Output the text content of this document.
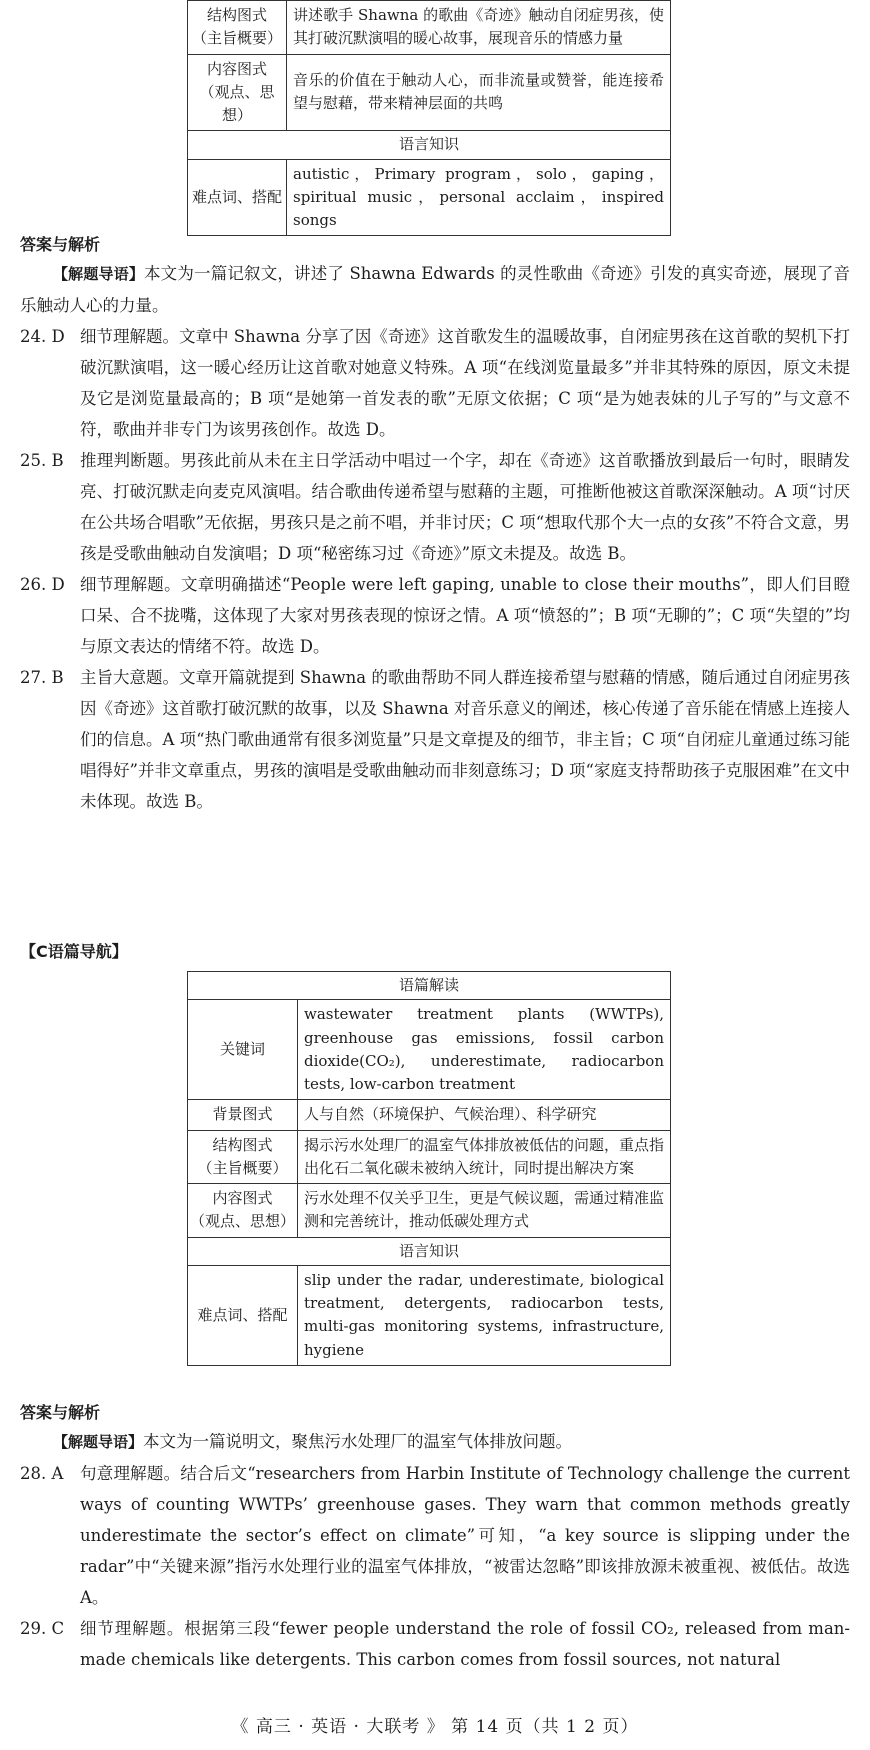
结构图式
（主旨概要）	讲述歌手 Shawna 的歌曲《奇迹》触动自闭症男孩，使其打破沉默演唱的暖心故事，展现音乐的情感力量
内容图式
（观点、思想）	音乐的价值在于触动人心，而非流量或赞誉，能连接希望与慰藉，带来精神层面的共鸣
语言知识	
难点词、搭配	autistic，Primary program，solo，gaping，spiritual music，personal acclaim，inspired songs
答案与解析

【解题导语】本文为一篇记叙文，讲述了 Shawna Edwards 的灵性歌曲《奇迹》引发的真实奇迹，展现了音乐触动人心的力量。

24. D 细节理解题。文章中 Shawna 分享了因《奇迹》这首歌发生的温暖故事，自闭症男孩在这首歌的契机下打破沉默演唱，这一暖心经历让这首歌对她意义特殊。A 项“在线浏览量最多”并非其特殊的原因，原文未提及它是浏览量最高的；B 项“是她第一首发表的歌”无原文依据；C 项“是为她表妹的儿子写的”与文意不符，歌曲并非专门为该男孩创作。故选 D。
25. B 推理判断题。男孩此前从未在主日学活动中唱过一个字，却在《奇迹》这首歌播放到最后一句时，眼睛发亮、打破沉默走向麦克风演唱。结合歌曲传递希望与慰藉的主题，可推断他被这首歌深深触动。A 项“讨厌在公共场合唱歌”无依据，男孩只是之前不唱，并非讨厌；C 项“想取代那个大一点的女孩”不符合文意，男孩是受歌曲触动自发演唱；D 项“秘密练习过《奇迹》”原文未提及。故选 B。
26. D 细节理解题。文章明确描述“People were left gaping, unable to close their mouths”，即人们目瞪口呆、合不拢嘴，这体现了大家对男孩表现的惊讶之情。A 项“愤怒的”；B 项“无聊的”；C 项“失望的”均与原文表达的情绪不符。故选 D。
27. B 主旨大意题。文章开篇就提到 Shawna 的歌曲帮助不同人群连接希望与慰藉的情感，随后通过自闭症男孩因《奇迹》这首歌打破沉默的故事，以及 Shawna 对音乐意义的阐述，核心传递了音乐能在情感上连接人们的信息。A 项“热门歌曲通常有很多浏览量”只是文章提及的细节，非主旨；C 项“自闭症儿童通过练习能唱得好”并非文章重点，男孩的演唱是受歌曲触动而非刻意练习；D 项“家庭支持帮助孩子克服困难”在文中未体现。故选 B。
【C语篇导航】
语篇解读	
关键词	wastewater treatment plants (WWTPs), greenhouse gas emissions, fossil carbon dioxide(CO₂), underestimate, radiocarbon tests, low-carbon treatment
背景图式	人与自然（环境保护、气候治理）、科学研究
结构图式
（主旨概要）	揭示污水处理厂的温室气体排放被低估的问题，重点指出化石二氧化碳未被纳入统计，同时提出解决方案
内容图式
（观点、思想）	污水处理不仅关乎卫生，更是气候议题，需通过精准监测和完善统计，推动低碳处理方式
语言知识	
难点词、搭配	slip under the radar, underestimate, biological treatment, detergents, radiocarbon tests, multi-gas monitoring systems, infrastructure, hygiene
答案与解析

【解题导语】本文为一篇说明文，聚焦污水处理厂的温室气体排放问题。

28. A 句意理解题。结合后文“researchers from Harbin Institute of Technology challenge the current ways of counting WWTPs’ greenhouse gases. They warn that common methods greatly underestimate the sector’s effect on climate”可知，“a key source is slipping under the radar”中“关键来源”指污水处理行业的温室气体排放，“被雷达忽略”即该排放源未被重视、被低估。故选 A。
29. C 细节理解题。根据第三段“fewer people understand the role of fossil CO₂, released from man-made chemicals like detergents. This carbon comes from fossil sources, not natural
《 高三 · 英语 · 大联考 》 第 14 页（共 1 2 页）
